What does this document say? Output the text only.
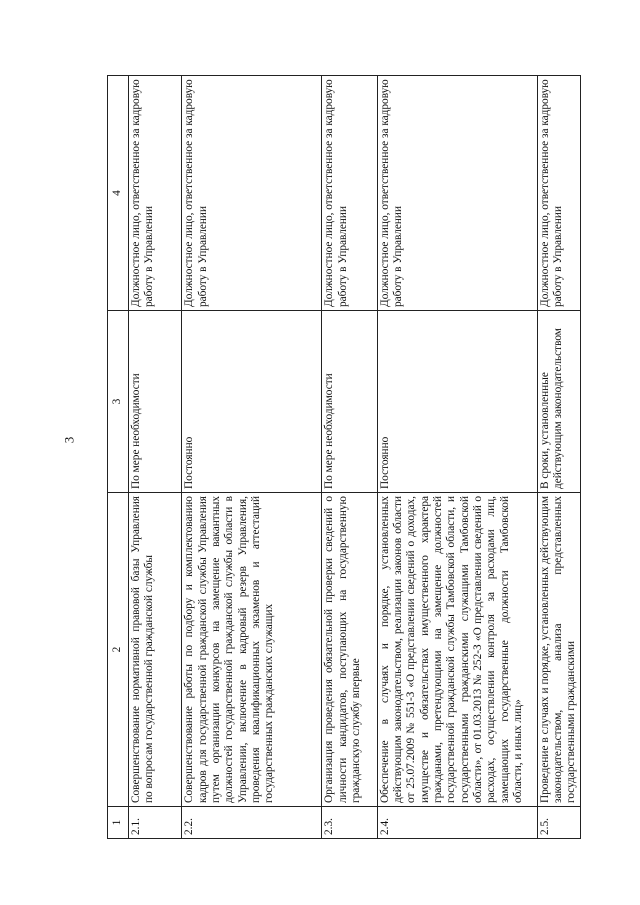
3
1	2	3	4
2.1.	Совершенствование нормативной правовой базы Управления по вопросам государственной гражданской службы	По мере необходимости	Должностное лицо, ответственное за кадровую работу в Управлении
2.2.	Совершенствование работы по подбору и комплектованию кадров для государственной гражданской службы Управления путем организации конкурсов на замещение вакантных должностей государственной гражданской службы области в Управлении, включение в кадровый резерв Управления, проведения квалификационных экзаменов и аттестаций государственных гражданских служащих	Постоянно	Должностное лицо, ответственное за кадровую работу в Управлении
2.3.	Организация проведения обязательной проверки сведений о личности кандидатов, поступающих на государственную гражданскую службу впервые	По мере необходимости	Должностное лицо, ответственное за кадровую работу в Управлении
2.4.	Обеспечение в случаях и порядке, установленных действующим законодательством, реализации законов области от 25.07.2009 № 551-З «О представлении сведений о доходах, имуществе и обязательствах имущественного характера гражданами, претендующими на замещение должностей государственной гражданской службы Тамбовской области, и государственными гражданскими служащими Тамбовской области», от 01.03.2013 № 252-З «О представлении сведений о расходах, осуществлении контроля за расходами лиц, замещающих государственные должности Тамбовской области, и иных лиц»	Постоянно	Должностное лицо, ответственное за кадровую работу в Управлении
2.5.	Проведение в случаях и порядке, установленных действующим законодательством, анализа представленных государственными гражданскими	В сроки, установленные действующим законодательством	Должностное лицо, ответственное за кадровую работу в Управлении
